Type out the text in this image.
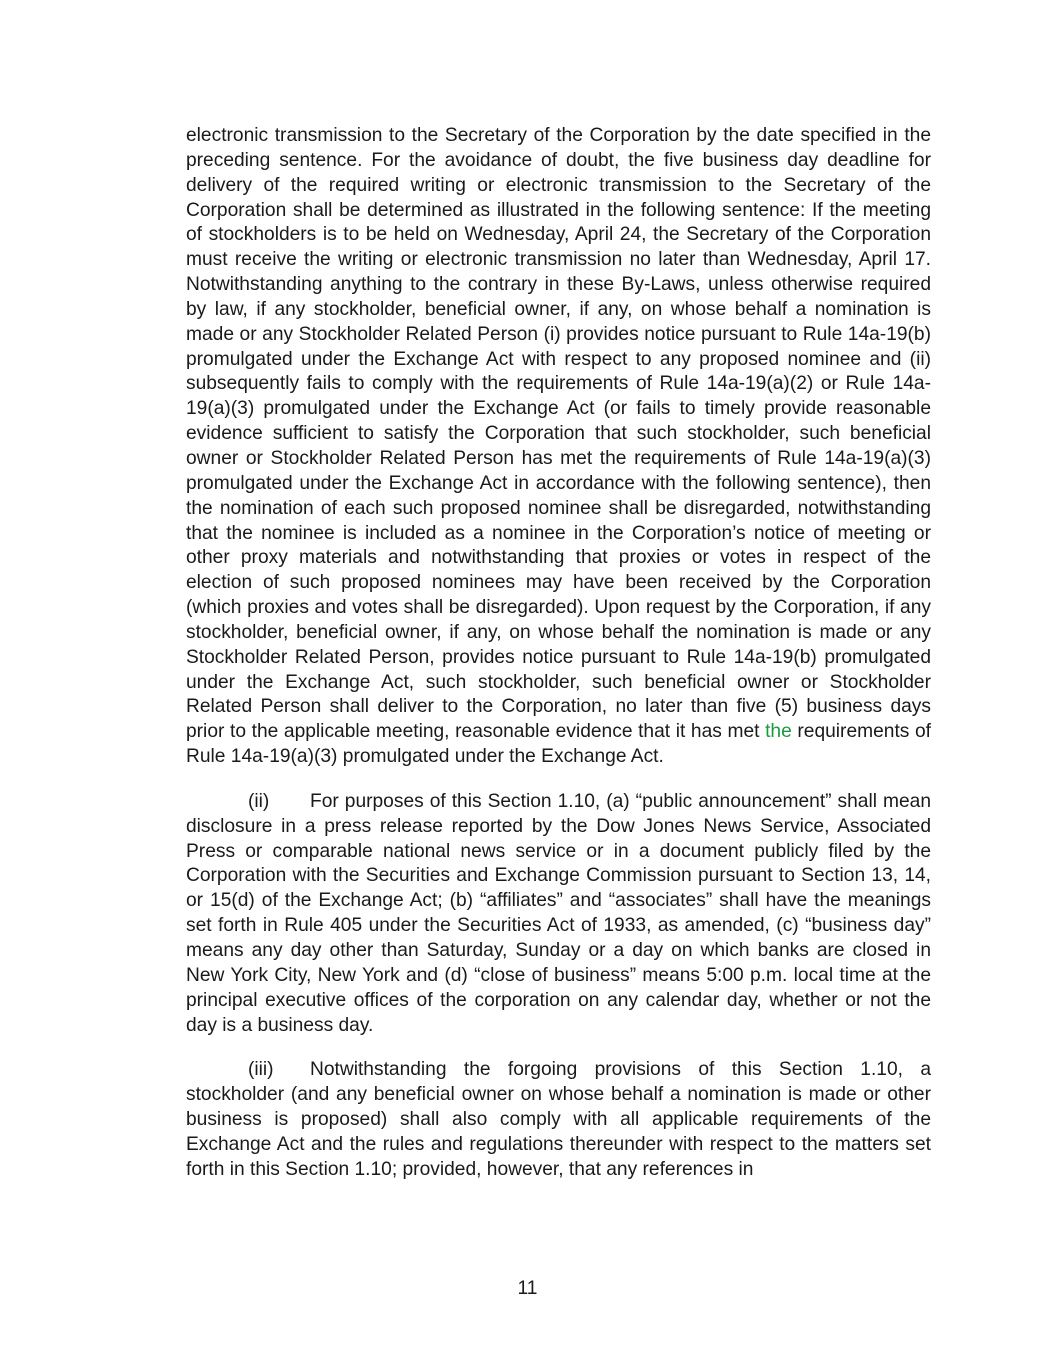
electronic transmission to the Secretary of the Corporation by the date specified in the preceding sentence. For the avoidance of doubt, the five business day deadline for delivery of the required writing or electronic transmission to the Secretary of the Corporation shall be determined as illustrated in the following sentence: If the meeting of stockholders is to be held on Wednesday, April 24, the Secretary of the Corporation must receive the writing or electronic transmission no later than Wednesday, April 17. Notwithstanding anything to the contrary in these By-Laws, unless otherwise required by law, if any stockholder, beneficial owner, if any, on whose behalf a nomination is made or any Stockholder Related Person (i) provides notice pursuant to Rule 14a-19(b) promulgated under the Exchange Act with respect to any proposed nominee and (ii) subsequently fails to comply with the requirements of Rule 14a-19(a)(2) or Rule 14a-19(a)(3) promulgated under the Exchange Act (or fails to timely provide reasonable evidence sufficient to satisfy the Corporation that such stockholder, such beneficial owner or Stockholder Related Person has met the requirements of Rule 14a-19(a)(3) promulgated under the Exchange Act in accordance with the following sentence), then the nomination of each such proposed nominee shall be disregarded, notwithstanding that the nominee is included as a nominee in the Corporation’s notice of meeting or other proxy materials and notwithstanding that proxies or votes in respect of the election of such proposed nominees may have been received by the Corporation (which proxies and votes shall be disregarded). Upon request by the Corporation, if any stockholder, beneficial owner, if any, on whose behalf the nomination is made or any Stockholder Related Person, provides notice pursuant to Rule 14a-19(b) promulgated under the Exchange Act, such stockholder, such beneficial owner or Stockholder Related Person shall deliver to the Corporation, no later than five (5) business days prior to the applicable meeting, reasonable evidence that it has met the requirements of Rule 14a-19(a)(3) promulgated under the Exchange Act.

(ii) For purposes of this Section 1.10, (a) “public announcement” shall mean disclosure in a press release reported by the Dow Jones News Service, Associated Press or comparable national news service or in a document publicly filed by the Corporation with the Securities and Exchange Commission pursuant to Section 13, 14, or 15(d) of the Exchange Act; (b) “affiliates” and “associates” shall have the meanings set forth in Rule 405 under the Securities Act of 1933, as amended, (c) “business day” means any day other than Saturday, Sunday or a day on which banks are closed in New York City, New York and (d) “close of business” means 5:00 p.m. local time at the principal executive offices of the corporation on any calendar day, whether or not the day is a business day.

(iii) Notwithstanding the forgoing provisions of this Section 1.10, a stockholder (and any beneficial owner on whose behalf a nomination is made or other business is proposed) shall also comply with all applicable requirements of the Exchange Act and the rules and regulations thereunder with respect to the matters set forth in this Section 1.10; provided, however, that any references in

11
